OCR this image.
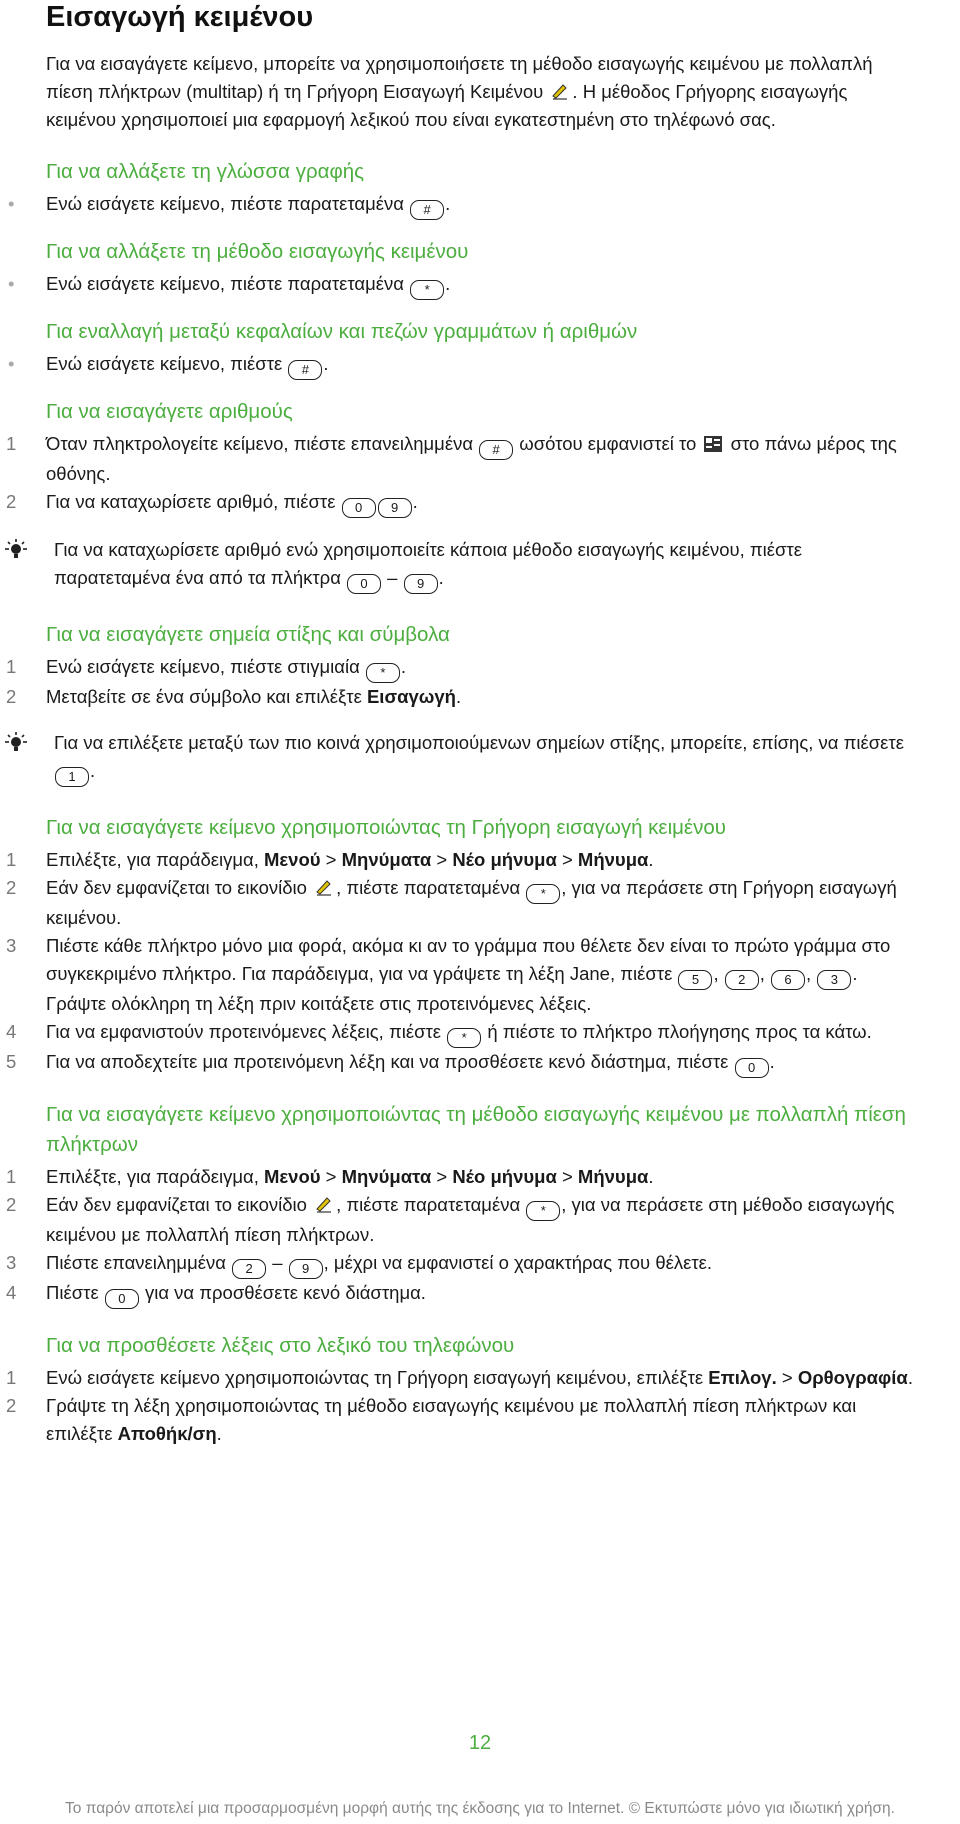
Εισαγωγή κειμένου

Για να εισαγάγετε κείμενο, μπορείτε να χρησιμοποιήσετε τη μέθοδο εισαγωγής κειμένου με πολλαπλή πίεση πλήκτρων (multitap) ή τη Γρήγορη Εισαγωγή Κειμένου . Η μέθοδος Γρήγορης εισαγωγής κειμένου χρησιμοποιεί μια εφαρμογή λεξικού που είναι εγκατεστημένη στο τηλέφωνό σας.

Για να αλλάξετε τη γλώσσα γραφής
• Ενώ εισάγετε κείμενο, πιέστε παρατεταμένα # .
Για να αλλάξετε τη μέθοδο εισαγωγής κειμένου
• Ενώ εισάγετε κείμενο, πιέστε παρατεταμένα * .
Για εναλλαγή μεταξύ κεφαλαίων και πεζών γραμμάτων ή αριθμών
• Ενώ εισάγετε κείμενο, πιέστε # .
Για να εισαγάγετε αριθμούς
1	Όταν πληκτρολογείτε κείμενο, πιέστε επανειλημμένα # ωσότου εμφανιστεί το  στο πάνω μέρος της οθόνης.
2	Για να καταχωρίσετε αριθμό, πιέστε 0 9 .
Για να καταχωρίσετε αριθμό ενώ χρησιμοποιείτε κάποια μέθοδο εισαγωγής κειμένου, πιέστε παρατεταμένα ένα από τα πλήκτρα 0 – 9 .
Για να εισαγάγετε σημεία στίξης και σύμβολα
1	Ενώ εισάγετε κείμενο, πιέστε στιγμιαία * .
2	Μεταβείτε σε ένα σύμβολο και επιλέξτε Εισαγωγή.
Για να επιλέξετε μεταξύ των πιο κοινά χρησιμοποιούμενων σημείων στίξης, μπορείτε, επίσης, να πιέσετε 1 .
Για να εισαγάγετε κείμενο χρησιμοποιώντας τη Γρήγορη εισαγωγή κειμένου
1	Επιλέξτε, για παράδειγμα, Μενού > Μηνύματα > Νέο μήνυμα > Μήνυμα.
2	Εάν δεν εμφανίζεται το εικονίδιο , πιέστε παρατεταμένα * , για να περάσετε στη Γρήγορη εισαγωγή κειμένου.
3	Πιέστε κάθε πλήκτρο μόνο μια φορά, ακόμα κι αν το γράμμα που θέλετε δεν είναι το πρώτο γράμμα στο συγκεκριμένο πλήκτρο. Για παράδειγμα, για να γράψετε τη λέξη Jane, πιέστε 5 , 2 , 6 , 3 . Γράψτε ολόκληρη τη λέξη πριν κοιτάξετε στις προτεινόμενες λέξεις.
4	Για να εμφανιστούν προτεινόμενες λέξεις, πιέστε * ή πιέστε το πλήκτρο πλοήγησης προς τα κάτω.
5	Για να αποδεχτείτε μια προτεινόμενη λέξη και να προσθέσετε κενό διάστημα, πιέστε 0 .
Για να εισαγάγετε κείμενο χρησιμοποιώντας τη μέθοδο εισαγωγής κειμένου με πολλαπλή πίεση πλήκτρων
1	Επιλέξτε, για παράδειγμα, Μενού > Μηνύματα > Νέο μήνυμα > Μήνυμα.
2	Εάν δεν εμφανίζεται το εικονίδιο , πιέστε παρατεταμένα * , για να περάσετε στη μέθοδο εισαγωγής κειμένου με πολλαπλή πίεση πλήκτρων.
3	Πιέστε επανειλημμένα 2 – 9 , μέχρι να εμφανιστεί ο χαρακτήρας που θέλετε.
4	Πιέστε 0 για να προσθέσετε κενό διάστημα.
Για να προσθέσετε λέξεις στο λεξικό του τηλεφώνου
1	Ενώ εισάγετε κείμενο χρησιμοποιώντας τη Γρήγορη εισαγωγή κειμένου, επιλέξτε Επιλογ. > Ορθογραφία.
2	Γράψτε τη λέξη χρησιμοποιώντας τη μέθοδο εισαγωγής κειμένου με πολλαπλή πίεση πλήκτρων και επιλέξτε Αποθήκ/ση.
12
Το παρόν αποτελεί μια προσαρμοσμένη μορφή αυτής της έκδοσης για το Internet. © Εκτυπώστε μόνο για ιδιωτική χρήση.
